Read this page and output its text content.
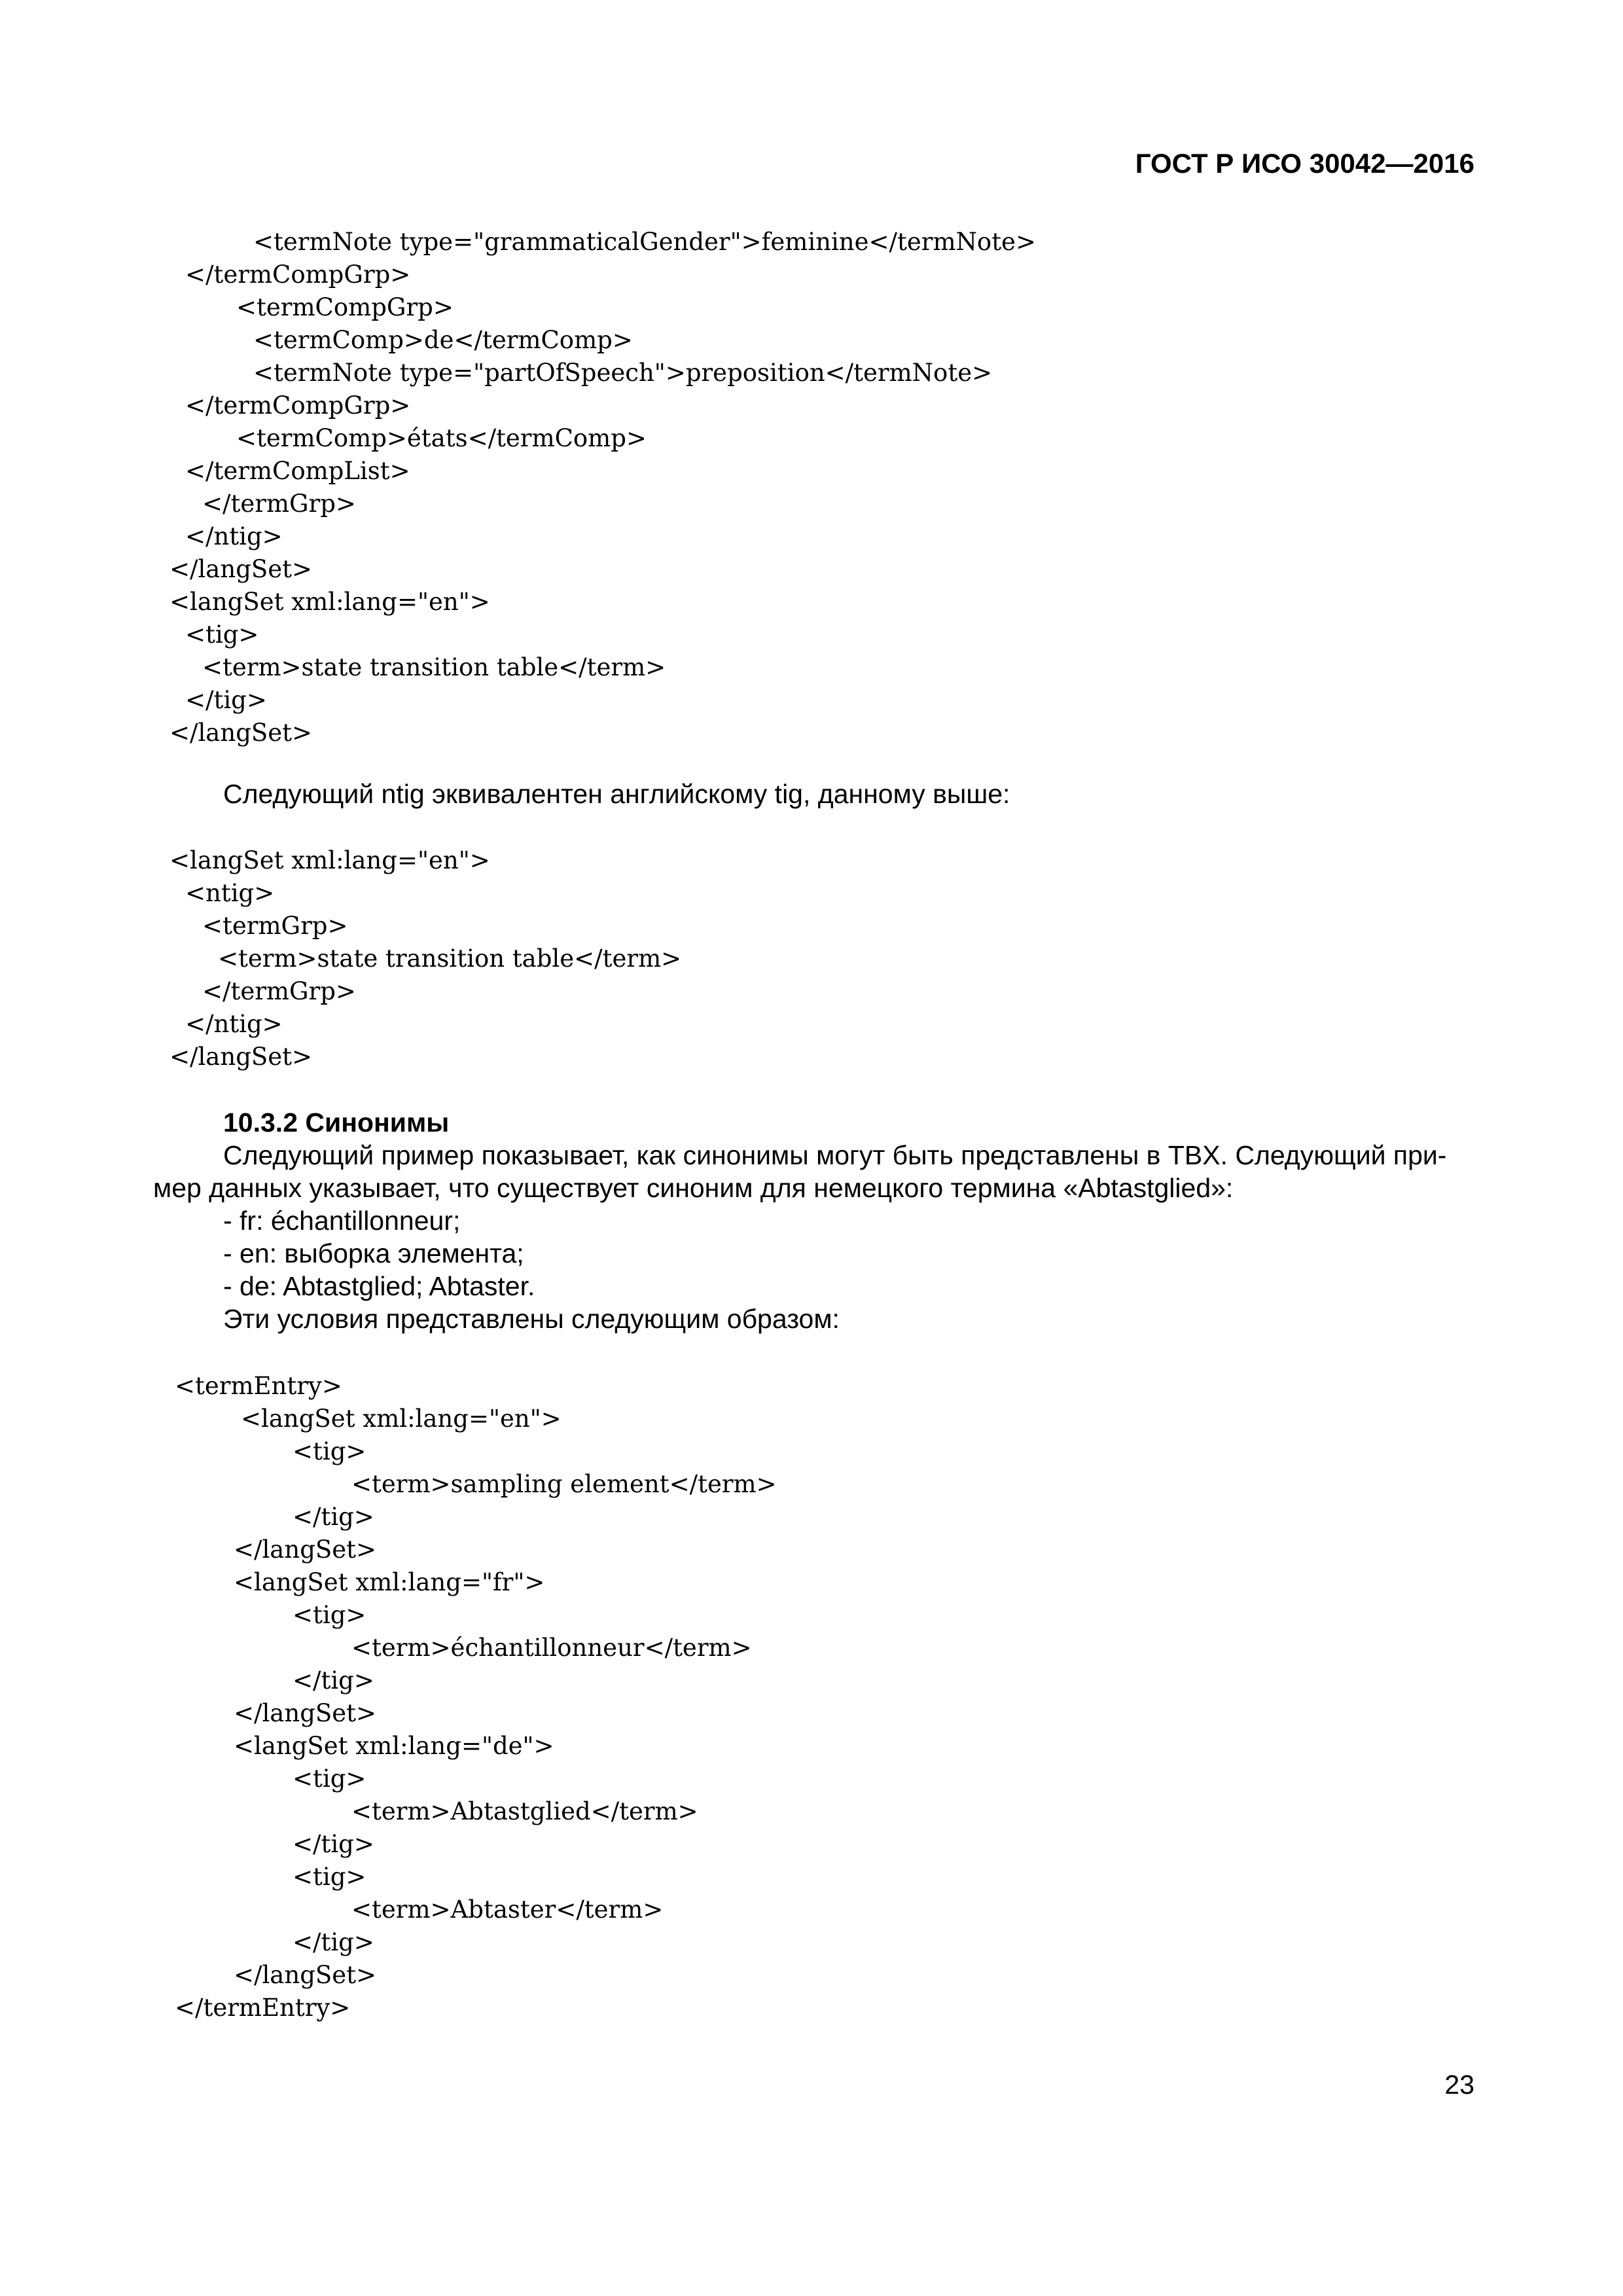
ГОСТ Р ИСО 30042—2016
<termNote type="grammaticalGender">feminine</termNote>
</termCompGrp>
<termCompGrp>
<termComp>de</termComp>
<termNote type="partOfSpeech">preposition</termNote>
</termCompGrp>
<termComp>états</termComp>
</termCompList>
</termGrp>
</ntig>
</langSet>
<langSet xml:lang="en">
<tig>
<term>state transition table</term>
</tig>
</langSet>
Следующий ntig эквивалентен английскому tig, данному выше:
<langSet xml:lang="en">
<ntig>
<termGrp>
<term>state transition table</term>
</termGrp>
</ntig>
</langSet>
10.3.2 Синонимы
Следующий пример показывает, как синонимы могут быть представлены в TBX. Следующий при-
мер данных указывает, что существует синоним для немецкого термина «Abtastglied»:
- fr: échantillonneur;
- en: выборка элемента;
- de: Abtastglied; Abtaster.
Эти условия представлены следующим образом:
<termEntry>
<langSet xml:lang="en">
<tig>
<term>sampling element</term>
</tig>
</langSet>
<langSet xml:lang="fr">
<tig>
<term>échantillonneur</term>
</tig>
</langSet>
<langSet xml:lang="de">
<tig>
<term>Abtastglied</term>
</tig>
<tig>
<term>Abtaster</term>
</tig>
</langSet>
</termEntry>
23
